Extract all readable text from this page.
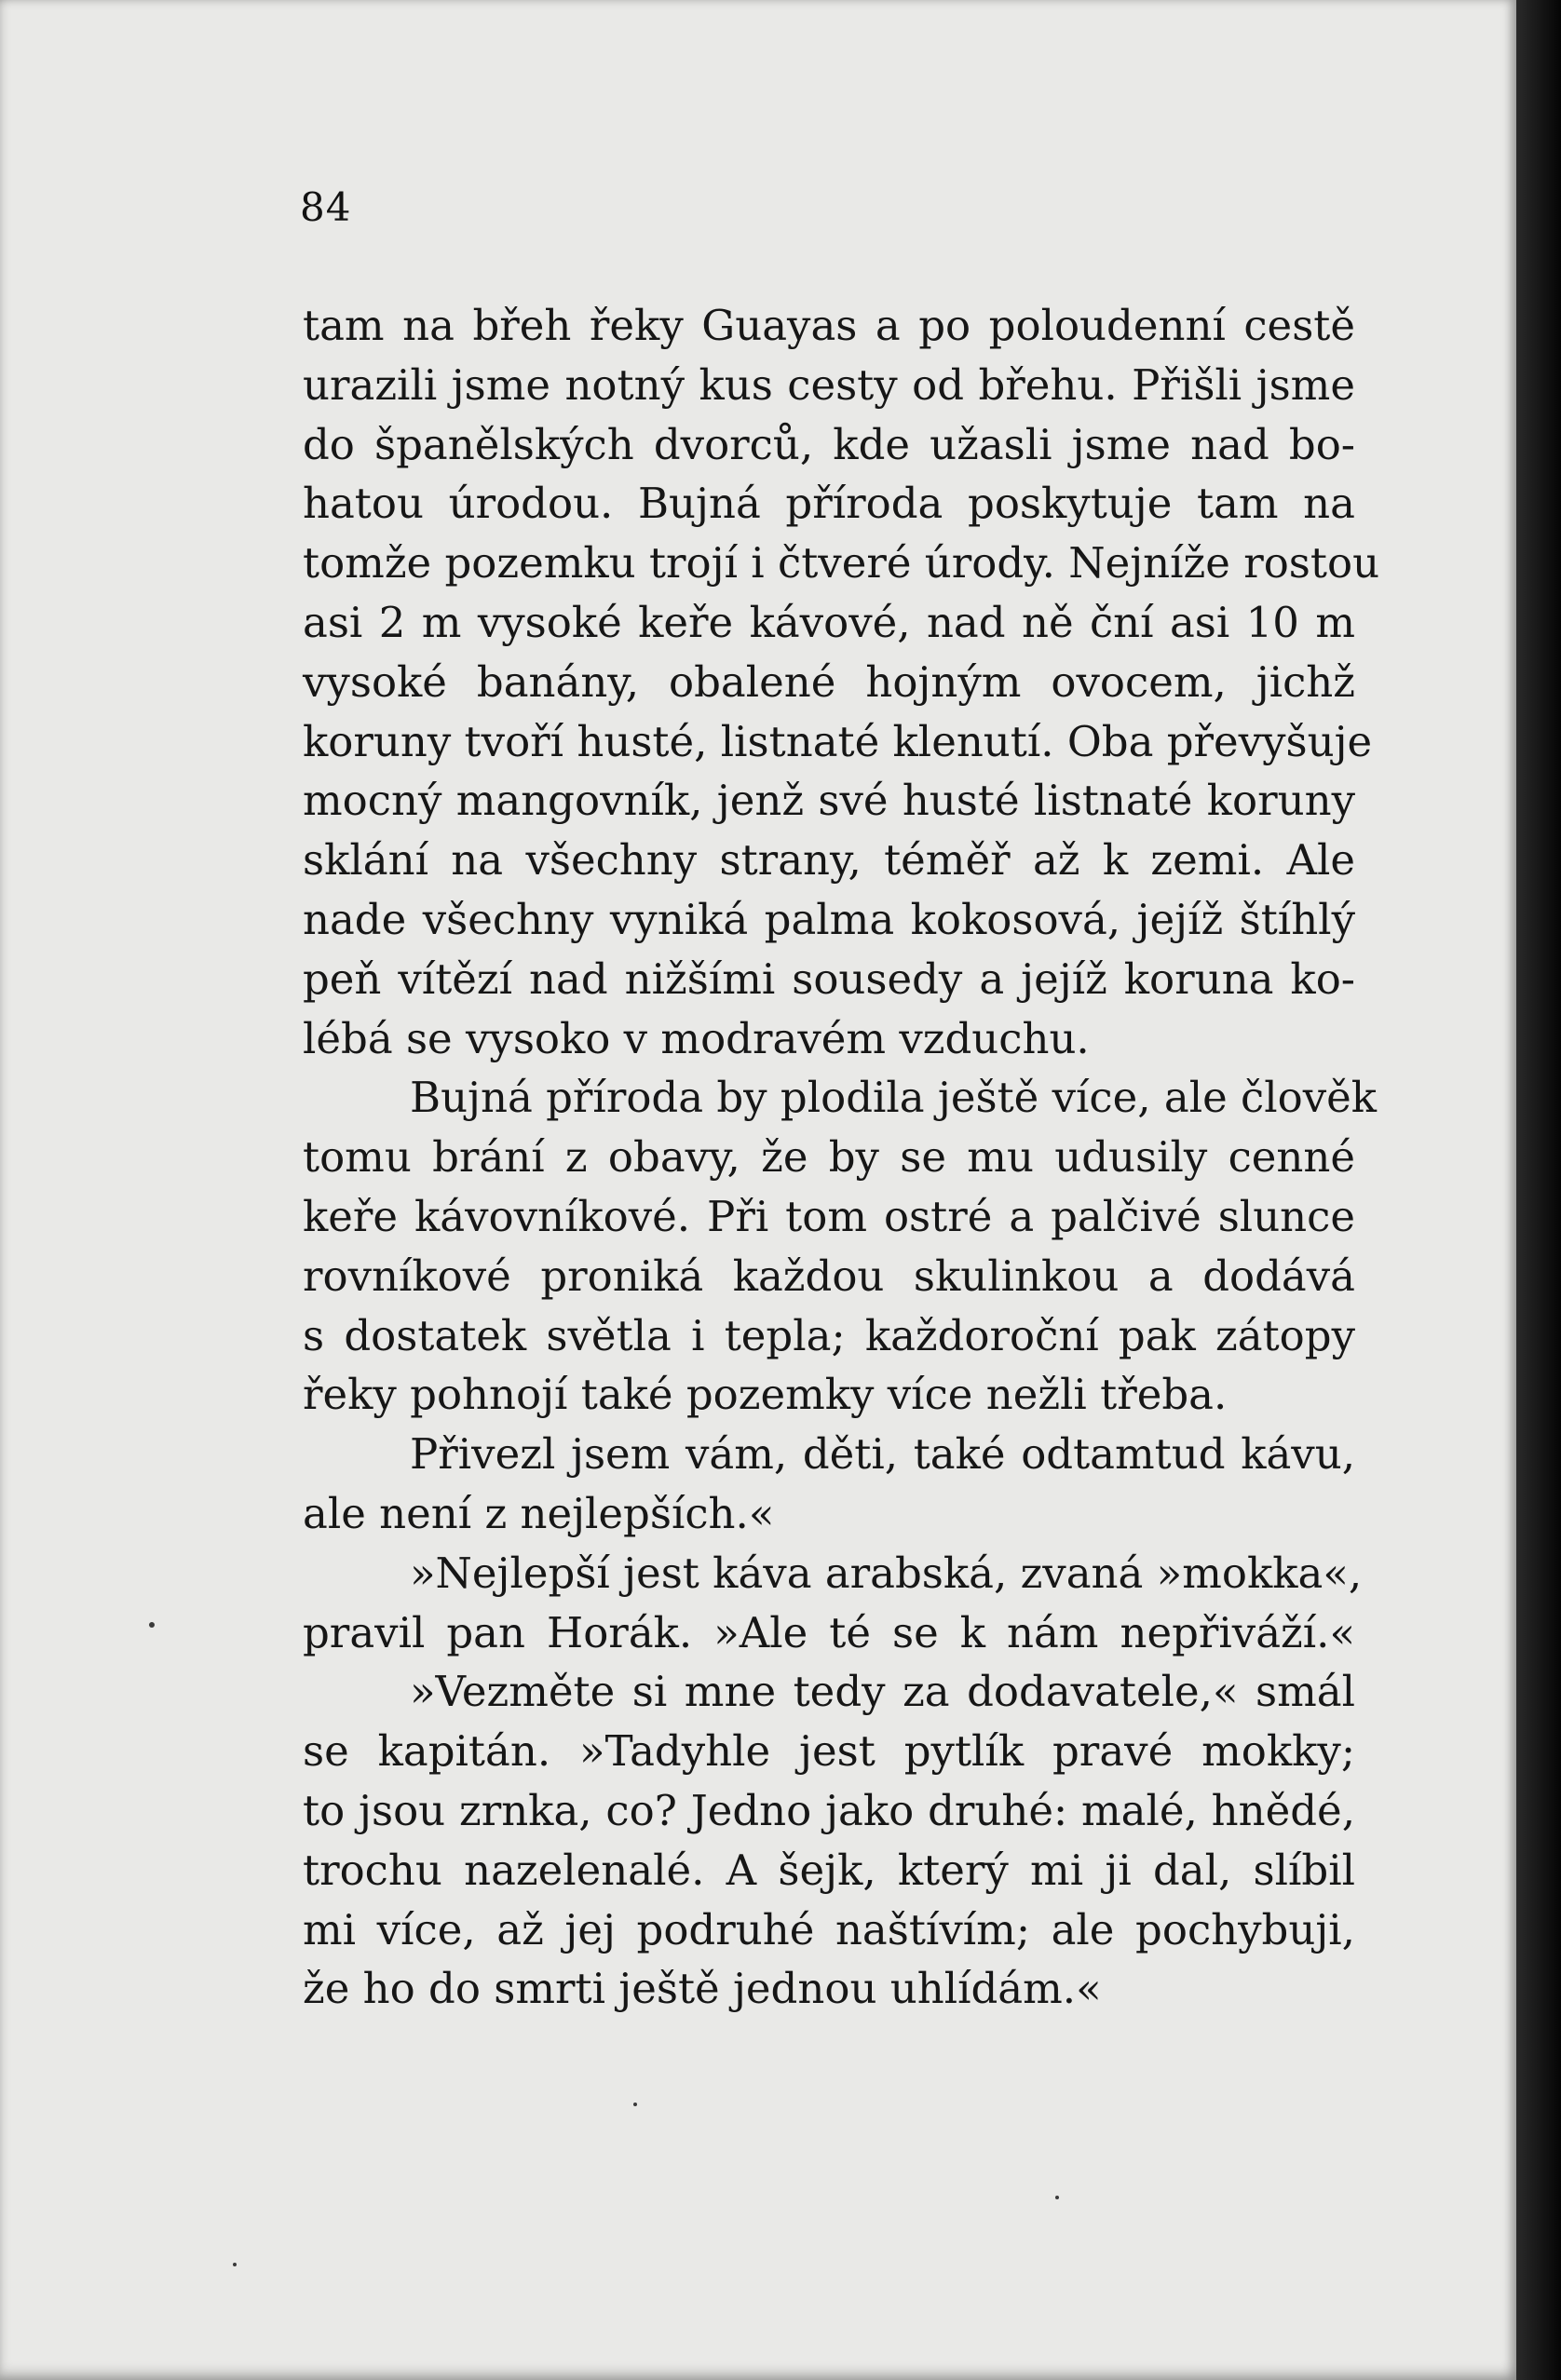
84
tam na břeh řeky Guayas a po poloudenní cestě
urazili jsme notný kus cesty od břehu. Přišli jsme
do španělských dvorců, kde užasli jsme nad bo-
hatou úrodou. Bujná příroda poskytuje tam na
tomže pozemku trojí i čtveré úrody. Nejníže rostou
asi 2 m vysoké keře kávové, nad ně ční asi 10 m
vysoké banány, obalené hojným ovocem, jichž
koruny tvoří husté, listnaté klenutí. Oba převyšuje
mocný mangovník, jenž své husté listnaté koruny
sklání na všechny strany, téměř až k zemi. Ale
nade všechny vyniká palma kokosová, jejíž štíhlý
peň vítězí nad nižšími sousedy a jejíž koruna ko-
lébá se vysoko v modravém vzduchu.
Bujná příroda by plodila ještě více, ale člověk
tomu brání z obavy, že by se mu udusily cenné
keře kávovníkové. Při tom ostré a palčivé slunce
rovníkové proniká každou skulinkou a dodává
s dostatek světla i tepla; každoroční pak zátopy
řeky pohnojí také pozemky více nežli třeba.
Přivezl jsem vám, děti, také odtamtud kávu,
ale není z nejlepších.«
»Nejlepší jest káva arabská, zvaná »mokka«,
pravil pan Horák. »Ale té se k nám nepřiváží.«
»Vezměte si mne tedy za dodavatele,« smál
se kapitán. »Tadyhle jest pytlík pravé mokky;
to jsou zrnka, co? Jedno jako druhé: malé, hnědé,
trochu nazelenalé. A šejk, který mi ji dal, slíbil
mi více, až jej podruhé naštívím; ale pochybuji,
že ho do smrti ještě jednou uhlídám.«
